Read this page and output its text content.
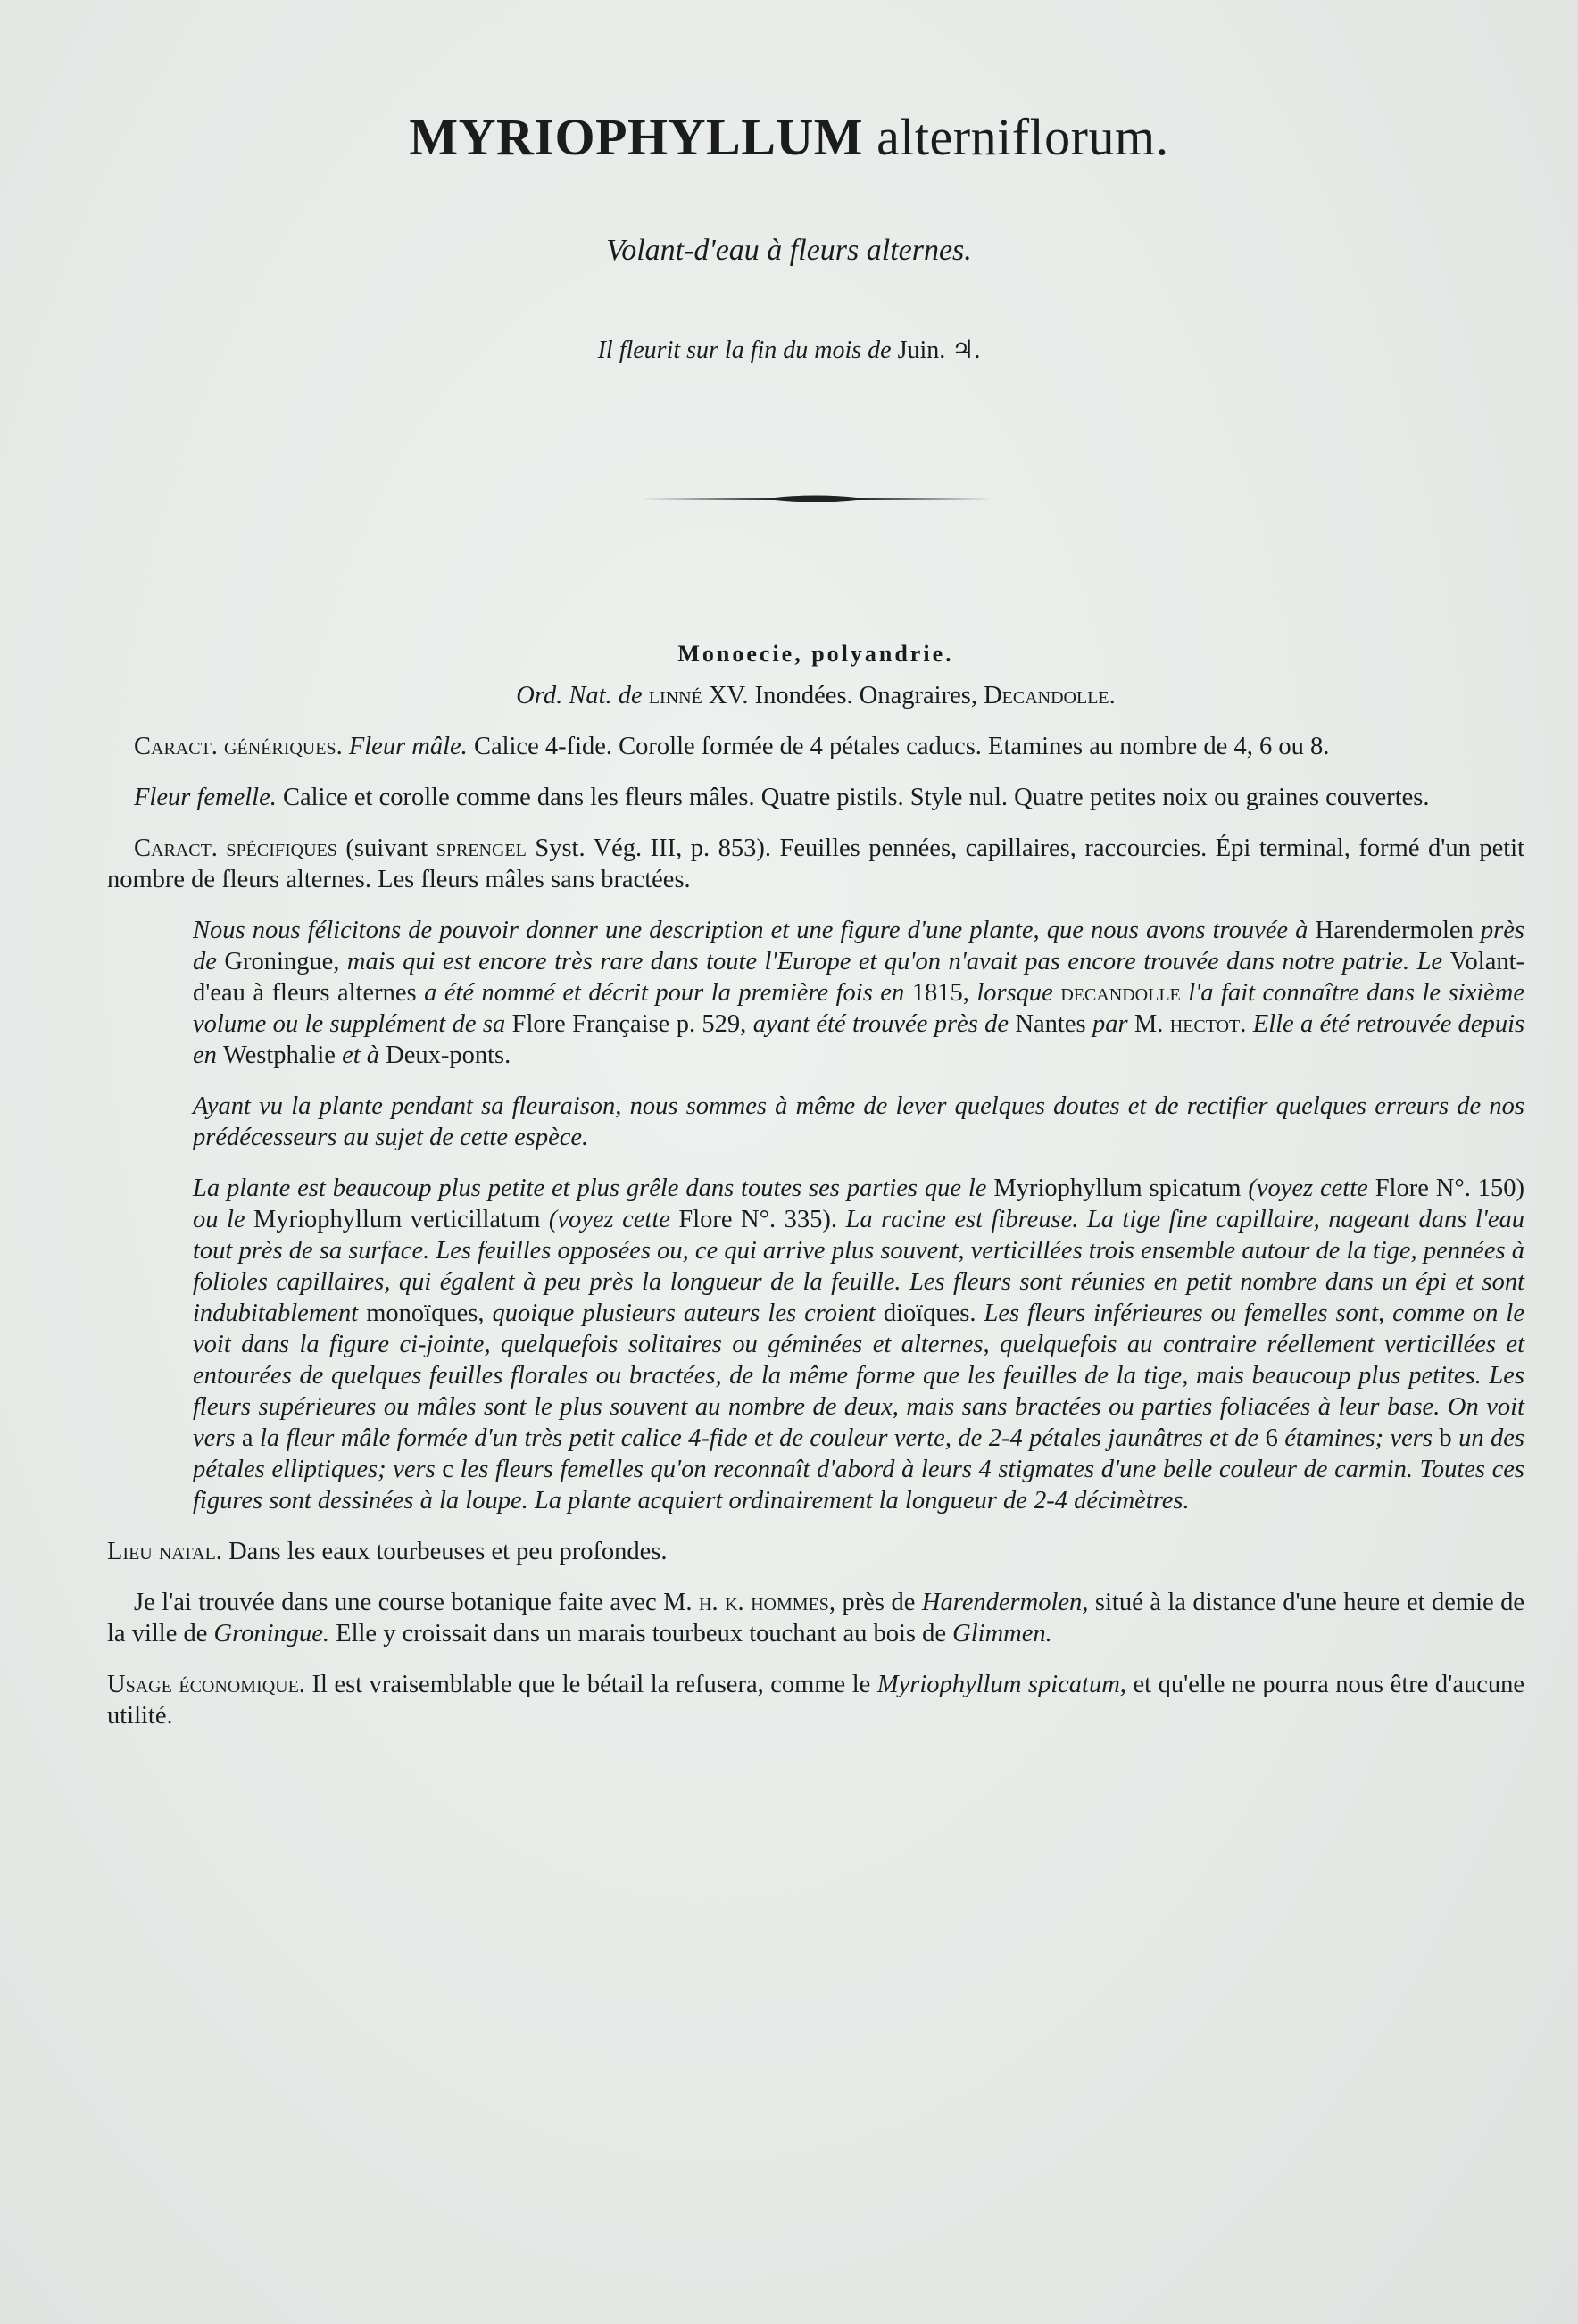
MYRIOPHYLLUM alterniflorum.
Volant-d'eau à fleurs alternes.
Il fleurit sur la fin du mois de Juin. ♃.

Monoecie, polyandrie.

Ord. Nat. de linné XV. Inondées. Onagraires, Decandolle.

Caract. génériques. Fleur mâle. Calice 4-fide. Corolle formée de 4 pétales caducs. Etamines au nombre de 4, 6 ou 8.

Fleur femelle. Calice et corolle comme dans les fleurs mâles. Quatre pistils. Style nul. Quatre petites noix ou graines couvertes.

Caract. spécifiques (suivant sprengel Syst. Vég. III, p. 853). Feuilles pennées, capillaires, raccourcies. Épi terminal, formé d'un petit nombre de fleurs alternes. Les fleurs mâles sans bractées.

Nous nous félicitons de pouvoir donner une description et une figure d'une plante, que nous avons trouvée à Harendermolen près de Groningue, mais qui est encore très rare dans toute l'Europe et qu'on n'avait pas encore trouvée dans notre patrie. Le Volant-d'eau à fleurs alternes a été nommé et décrit pour la première fois en 1815, lorsque decandolle l'a fait connaître dans le sixième volume ou le supplément de sa Flore Française p. 529, ayant été trouvée près de Nantes par M. hectot. Elle a été retrouvée depuis en Westphalie et à Deux-ponts.

Ayant vu la plante pendant sa fleuraison, nous sommes à même de lever quelques doutes et de rectifier quelques erreurs de nos prédécesseurs au sujet de cette espèce.

La plante est beaucoup plus petite et plus grêle dans toutes ses parties que le Myriophyllum spicatum (voyez cette Flore N°. 150) ou le Myriophyllum verticillatum (voyez cette Flore N°. 335). La racine est fibreuse. La tige fine capillaire, nageant dans l'eau tout près de sa surface. Les feuilles opposées ou, ce qui arrive plus souvent, verticillées trois ensemble autour de la tige, pennées à folioles capillaires, qui égalent à peu près la longueur de la feuille. Les fleurs sont réunies en petit nombre dans un épi et sont indubitablement monoïques, quoique plusieurs auteurs les croient dioïques. Les fleurs inférieures ou femelles sont, comme on le voit dans la figure ci-jointe, quelquefois solitaires ou géminées et alternes, quelquefois au contraire réellement verticillées et entourées de quelques feuilles florales ou bractées, de la même forme que les feuilles de la tige, mais beaucoup plus petites. Les fleurs supérieures ou mâles sont le plus souvent au nombre de deux, mais sans bractées ou parties foliacées à leur base. On voit vers a la fleur mâle formée d'un très petit calice 4-fide et de couleur verte, de 2-4 pétales jaunâtres et de 6 étamines; vers b un des pétales elliptiques; vers c les fleurs femelles qu'on reconnaît d'abord à leurs 4 stigmates d'une belle couleur de carmin. Toutes ces figures sont dessinées à la loupe. La plante acquiert ordinairement la longueur de 2-4 décimètres.

Lieu natal. Dans les eaux tourbeuses et peu profondes.

Je l'ai trouvée dans une course botanique faite avec M. h. k. hommes, près de Harendermolen, situé à la distance d'une heure et demie de la ville de Groningue. Elle y croissait dans un marais tourbeux touchant au bois de Glimmen.

Usage économique. Il est vraisemblable que le bétail la refusera, comme le Myriophyllum spicatum, et qu'elle ne pourra nous être d'aucune utilité.
